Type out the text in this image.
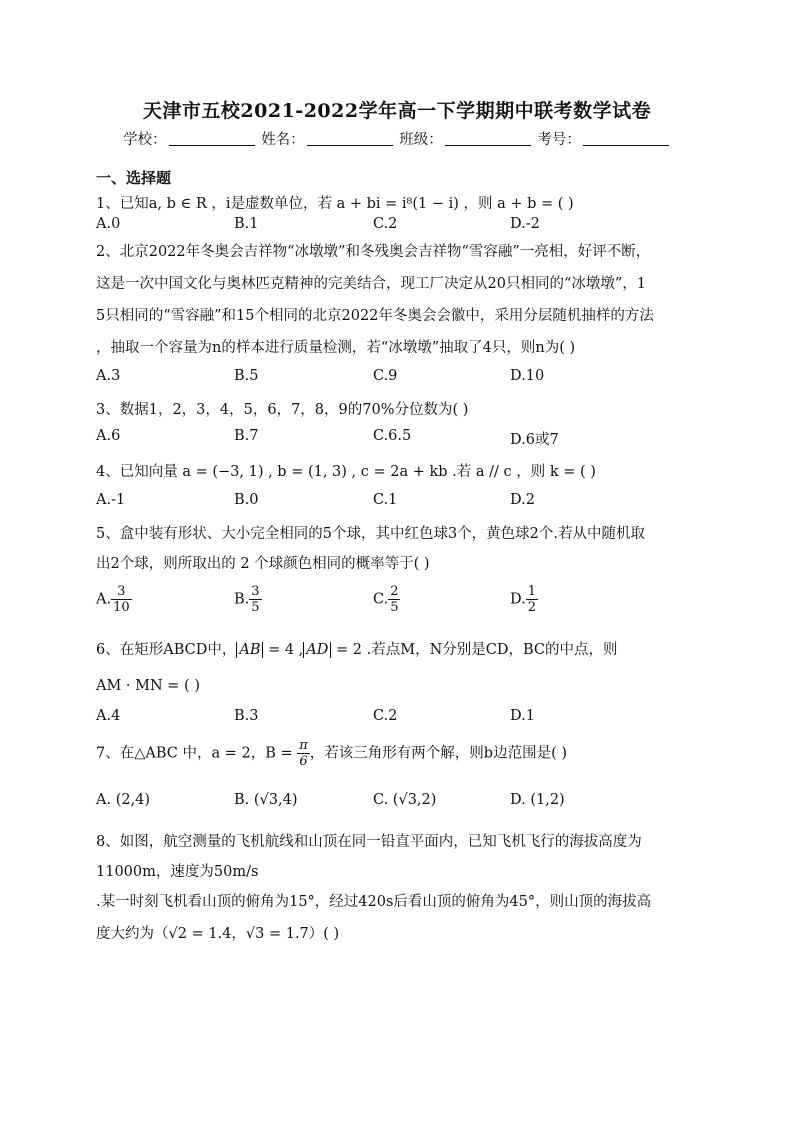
天津市五校2021-2022学年高一下学期期中联考数学试卷
学校：	姓名：	班级：	考号：
一、选择题
1、已知a, b ∈ R ，i是虚数单位，若 a + bi = i⁸(1 − i) ，则 a + b = ( )
A.0	B.1	C.2	D.-2
2、北京2022年冬奥会吉祥物“冰墩墩”和冬残奥会吉祥物“雪容融”一亮相，好评不断，
这是一次中国文化与奥林匹克精神的完美结合，现工厂决定从20只相同的“冰墩墩”，1
5只相同的“雪容融”和15个相同的北京2022年冬奥会会徽中，采用分层随机抽样的方法
，抽取一个容量为n的样本进行质量检测，若“冰墩墩”抽取了4只，则n为( )
A.3	B.5	C.9	D.10
3、数据1，2，3，4，5，6，7，8，9的70%分位数为( )
A.6	B.7	C.6.5	D.6或7
4、已知向量 a = (−3, 1) , b = (1, 3) , c = 2a + kb .若 a // c ，则 k = ( )
A.-1	B.0	C.1	D.2
5、盒中装有形状、大小完全相同的5个球，其中红色球3个，黄色球2个.若从中随机取
出2个球，则所取出的 2 个球颜色相同的概率等于( )
A. $\frac{3}{10}$	B. $\frac{3}{5}$	C. $\frac{2}{5}$	D. $\frac{1}{2}$
6、在矩形ABCD中， AB = 4 , AD = 2 .若点M，N分别是CD，BC的中点，则
AM · MN = ( )
A.4	B.3	C.2	D.1
7、在△ABC 中，a = 2，$B = \frac{\pi}{6}$ ，若该三角形有两个解，则b边范围是( )
A. (2,4)	B. (√3,4)	C. (√3,2)	D. (1,2)
8、如图，航空测量的飞机航线和山顶在同一铅直平面内，已知飞机飞行的海拔高度为
11000m，速度为50m/s
.某一时刻飞机看山顶的俯角为15°，经过420s后看山顶的俯角为45°，则山顶的海拔高
度大约为（√2 = 1.4，√3 = 1.7）( )
